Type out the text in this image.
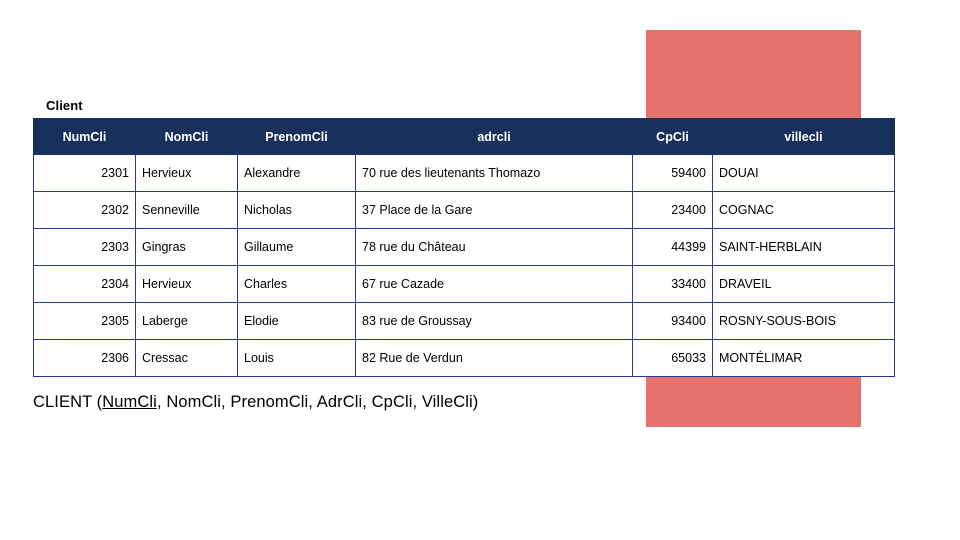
Client
NumCli	NomCli	PrenomCli	adrcli	CpCli	villecli
2301	Hervieux	Alexandre	70 rue des lieutenants Thomazo	59400	DOUAI
2302	Senneville	Nicholas	37 Place de la Gare	23400	COGNAC
2303	Gingras	Gillaume	78 rue du Château	44399	SAINT-HERBLAIN
2304	Hervieux	Charles	67 rue Cazade	33400	DRAVEIL
2305	Laberge	Elodie	83 rue de Groussay	93400	ROSNY-SOUS-BOIS
2306	Cressac	Louis	82 Rue de Verdun	65033	MONTÉLIMAR
CLIENT (NumCli, NomCli, PrenomCli, AdrCli, CpCli, VilleCli)
